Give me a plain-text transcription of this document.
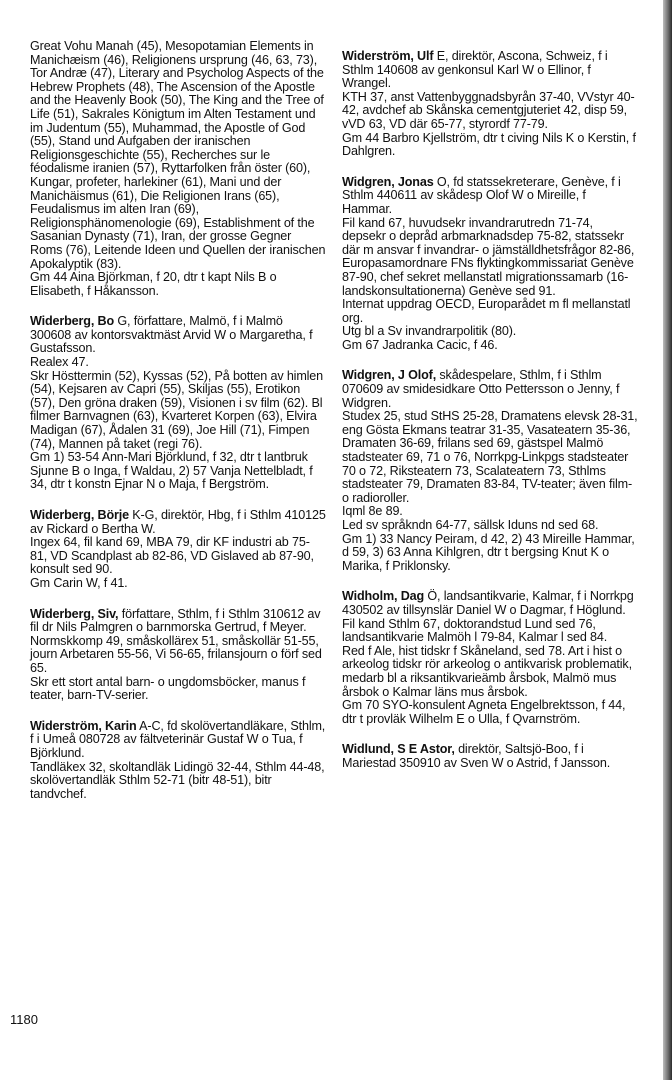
Great Vohu Manah (45), Mesopotamian Elements in Manichæism (46), Religionens ursprung (46, 63, 73), Tor Andræ (47), Literary and Psycholog Aspects of the Hebrew Prophets (48), The Ascension of the Apostle and the Heavenly Book (50), The King and the Tree of Life (51), Sakrales Königtum im Alten Testament und im Judentum (55), Muhammad, the Apostle of God (55), Stand und Aufgaben der iranischen Religionsgeschichte (55), Recherches sur le féodalisme iranien (57), Ryttarfolken från öster (60), Kungar, profeter, harlekiner (61), Mani und der Manichäismus (61), Die Religionen Irans (65), Feudalismus im alten Iran (69), Religionsphänomenologie (69), Establishment of the Sasanian Dynasty (71), Iran, der grosse Gegner Roms (76), Leitende Ideen und Quellen der iranischen Apokalyptik (83).

Gm 44 Aina Björkman, f 20, dtr t kapt Nils B o Elisabeth, f Håkansson.

Widerberg, Bo G, författare, Malmö, f i Malmö 300608 av kontorsvaktmäst Arvid W o Margaretha, f Gustafsson.

Realex 47.

Skr Hösttermin (52), Kyssas (52), På botten av himlen (54), Kejsaren av Capri (55), Skiljas (55), Erotikon (57), Den gröna draken (59), Visionen i sv film (62). Bl filmer Barnvagnen (63), Kvarteret Korpen (63), Elvira Madigan (67), Ådalen 31 (69), Joe Hill (71), Fimpen (74), Mannen på taket (regi 76).

Gm 1) 53-54 Ann-Mari Björklund, f 32, dtr t lantbruk Sjunne B o Inga, f Waldau, 2) 57 Vanja Nettelbladt, f 34, dtr t konstn Ejnar N o Maja, f Bergström.

Widerberg, Börje K-G, direktör, Hbg, f i Sthlm 410125 av Rickard o Bertha W.

Ingex 64, fil kand 69, MBA 79, dir KF industri ab 75-81, VD Scandplast ab 82-86, VD Gislaved ab 87-90, konsult sed 90.

Gm Carin W, f 41.

Widerberg, Siv, författare, Sthlm, f i Sthlm 310612 av fil dr Nils Palmgren o barnmorska Gertrud, f Meyer.

Normskkomp 49, småskollärex 51, småskollär 51-55, journ Arbetaren 55-56, Vi 56-65, frilansjourn o förf sed 65.

Skr ett stort antal barn- o ungdomsböcker, manus f teater, barn-TV-serier.

Widerström, Karin A-C, fd skolövertandläkare, Sthlm, f i Umeå 080728 av fältveterinär Gustaf W o Tua, f Björklund.

Tandläkex 32, skoltandläk Lidingö 32-44, Sthlm 44-48, skolövertandläk Sthlm 52-71 (bitr 48-51), bitr tandvchef.

Widerström, Ulf E, direktör, Ascona, Schweiz, f i Sthlm 140608 av genkonsul Karl W o Ellinor, f Wrangel.

KTH 37, anst Vattenbyggnadsbyrån 37-40, VVstyr 40-42, avdchef ab Skånska cementgjuteriet 42, disp 59, vVD 63, VD där 65-77, styrordf 77-79.

Gm 44 Barbro Kjellström, dtr t civing Nils K o Kerstin, f Dahlgren.

Widgren, Jonas O, fd statssekreterare, Genève, f i Sthlm 440611 av skådesp Olof W o Mireille, f Hammar.

Fil kand 67, huvudsekr invandrarutredn 71-74, depsekr o depråd arbmarknadsdep 75-82, statssekr där m ansvar f invandrar- o jämställdhetsfrågor 82-86, Europasamordnare FNs flyktingkommissariat Genève 87-90, chef sekret mellanstatl migrationssamarb (16-landskonsultationerna) Genève sed 91.

Internat uppdrag OECD, Europarådet m fl mellanstatl org.

Utg bl a Sv invandrarpolitik (80).

Gm 67 Jadranka Cacic, f 46.

Widgren, J Olof, skådespelare, Sthlm, f i Sthlm 070609 av smidesidkare Otto Pettersson o Jenny, f Widgren.

Studex 25, stud StHS 25-28, Dramatens elevsk 28-31, eng Gösta Ekmans teatrar 31-35, Vasateatern 35-36, Dramaten 36-69, frilans sed 69, gästspel Malmö stadsteater 69, 71 o 76, Norrkpg-Linkpgs stadsteater 70 o 72, Riksteatern 73, Scalateatern 73, Sthlms stadsteater 79, Dramaten 83-84, TV-teater; även film- o radioroller.

Iqml 8e 89.

Led sv språkndn 64-77, sällsk Iduns nd sed 68.

Gm 1) 33 Nancy Peiram, d 42, 2) 43 Mireille Hammar, d 59, 3) 63 Anna Kihlgren, dtr t bergsing Knut K o Marika, f Priklonsky.

Widholm, Dag Ö, landsantikvarie, Kalmar, f i Norrkpg 430502 av tillsynslär Daniel W o Dagmar, f Höglund.

Fil kand Sthlm 67, doktorandstud Lund sed 76, landsantikvarie Malmöh l 79-84, Kalmar l sed 84.

Red f Ale, hist tidskr f Skåneland, sed 78. Art i hist o arkeolog tidskr rör arkeolog o antikvarisk problematik, medarb bl a riksantikvarieämb årsbok, Malmö mus årsbok o Kalmar läns mus årsbok.

Gm 70 SYO-konsulent Agneta Engelbrektsson, f 44, dtr t provläk Wilhelm E o Ulla, f Qvarnström.

Widlund, S E Astor, direktör, Saltsjö-Boo, f i Mariestad 350910 av Sven W o Astrid, f Jansson.

1180
